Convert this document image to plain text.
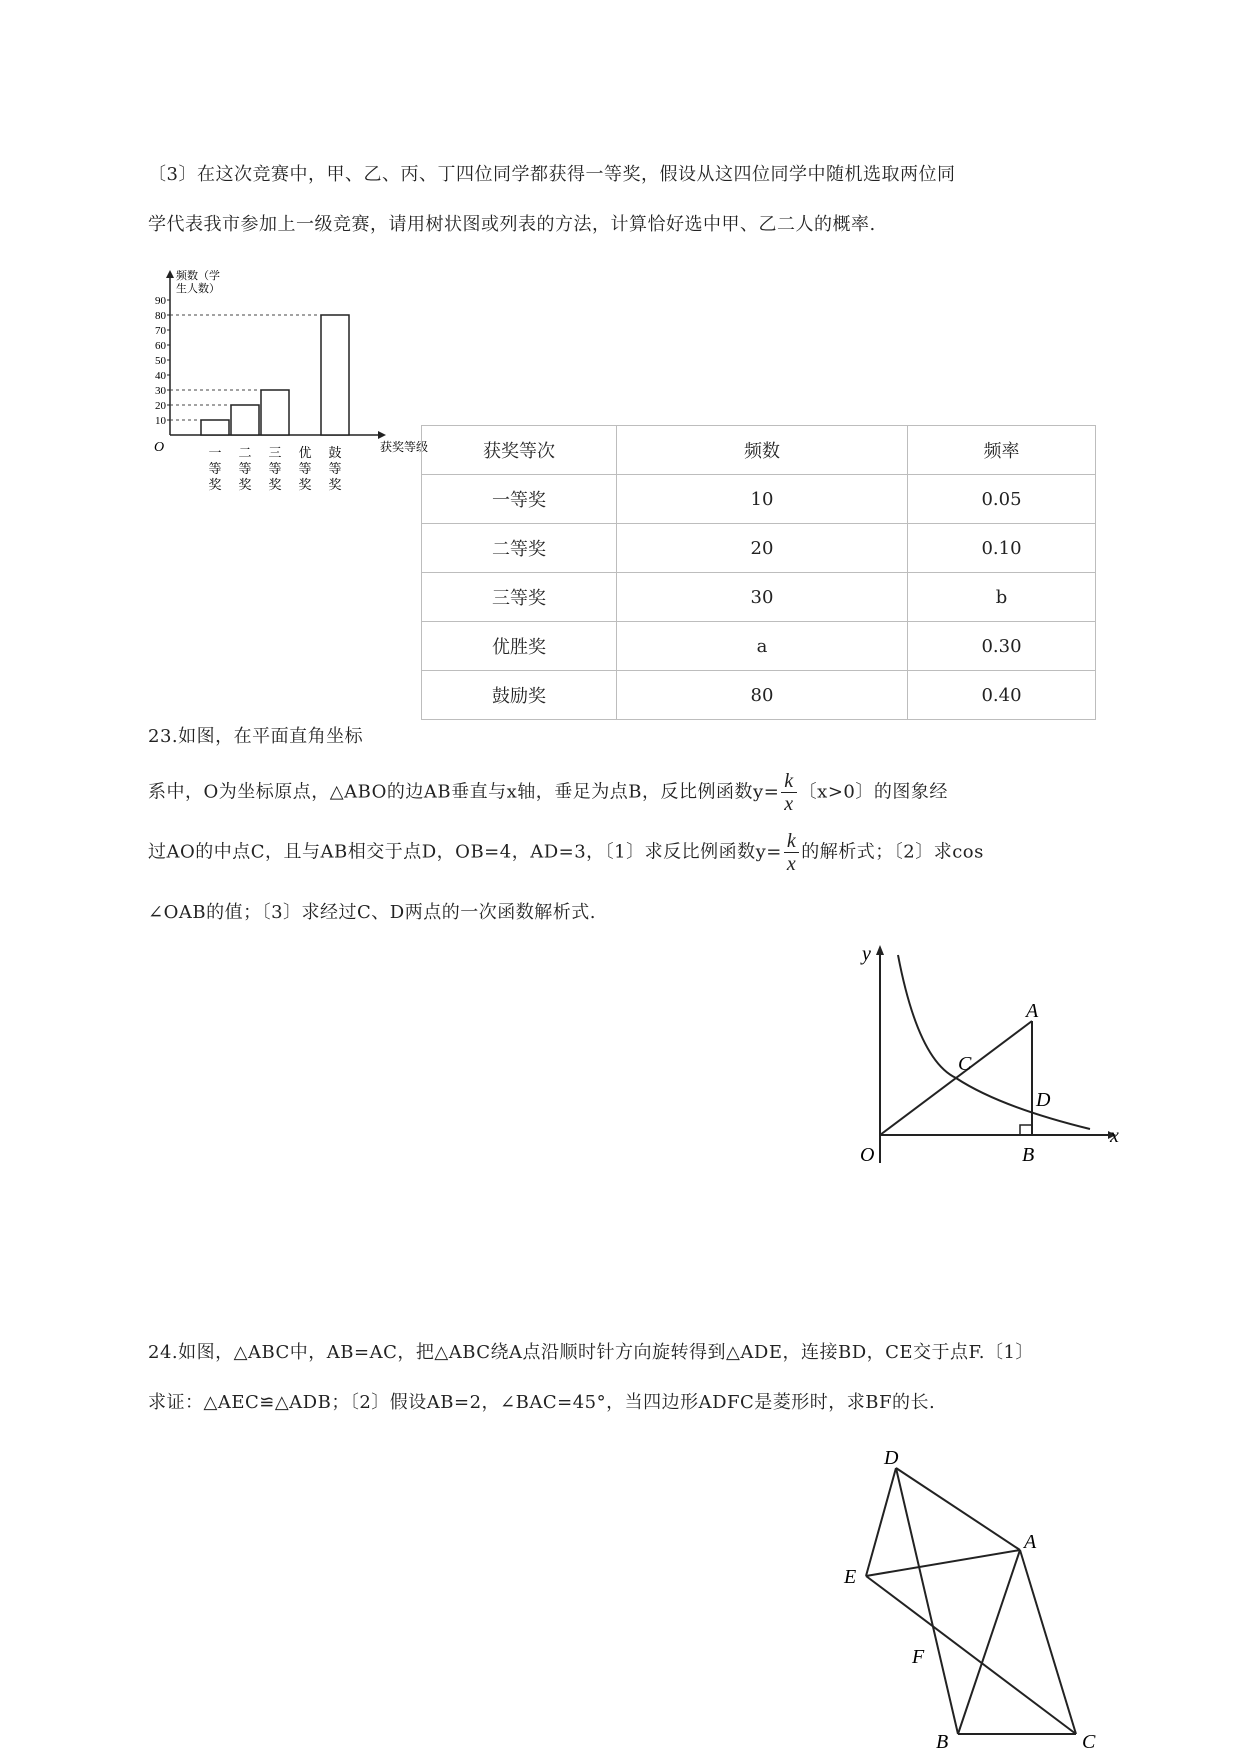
〔3〕在这次竞赛中，甲、乙、丙、丁四位同学都获得一等奖，假设从这四位同学中随机选取两位同
学代表我市参加上一级竞赛，请用树状图或列表的方法，计算恰好选中甲、乙二人的概率.
10
20
30
40
50
60
70
80
90
O
频数（学
生人数）
获奖等级
一
等
奖
二
等
奖
三
等
奖
优
等
奖
鼓
等
奖
获奖等次	频数	频率
一等奖	10	0.05
二等奖	20	0.10
三等奖	30	b
优胜奖	a	0.30
鼓励奖	80	0.40
23.如图，在平面直角坐标
系中，O为坐标原点，△ABO的边AB垂直与x轴，垂足为点B，反比例函数$y= \frac{k}{x}$ 〔x>0〕的图象经
过AO的中点C，且与AB相交于点D，OB=4，AD=3，〔1〕求反比例函数$y= \frac{k}{x}$ 的解析式；〔2〕求cos
∠OAB的值；〔3〕求经过C、D两点的一次函数解析式.
y
x
O
A
B
C
D
24.如图，△ABC中，AB=AC，把△ABC绕A点沿顺时针方向旋转得到△ADE，连接BD，CE交于点F.〔1〕
求证：△AEC≌△ADB；〔2〕假设AB=2，∠BAC=45°，当四边形ADFC是菱形时，求BF的长.
D
A
E
F
B	C
